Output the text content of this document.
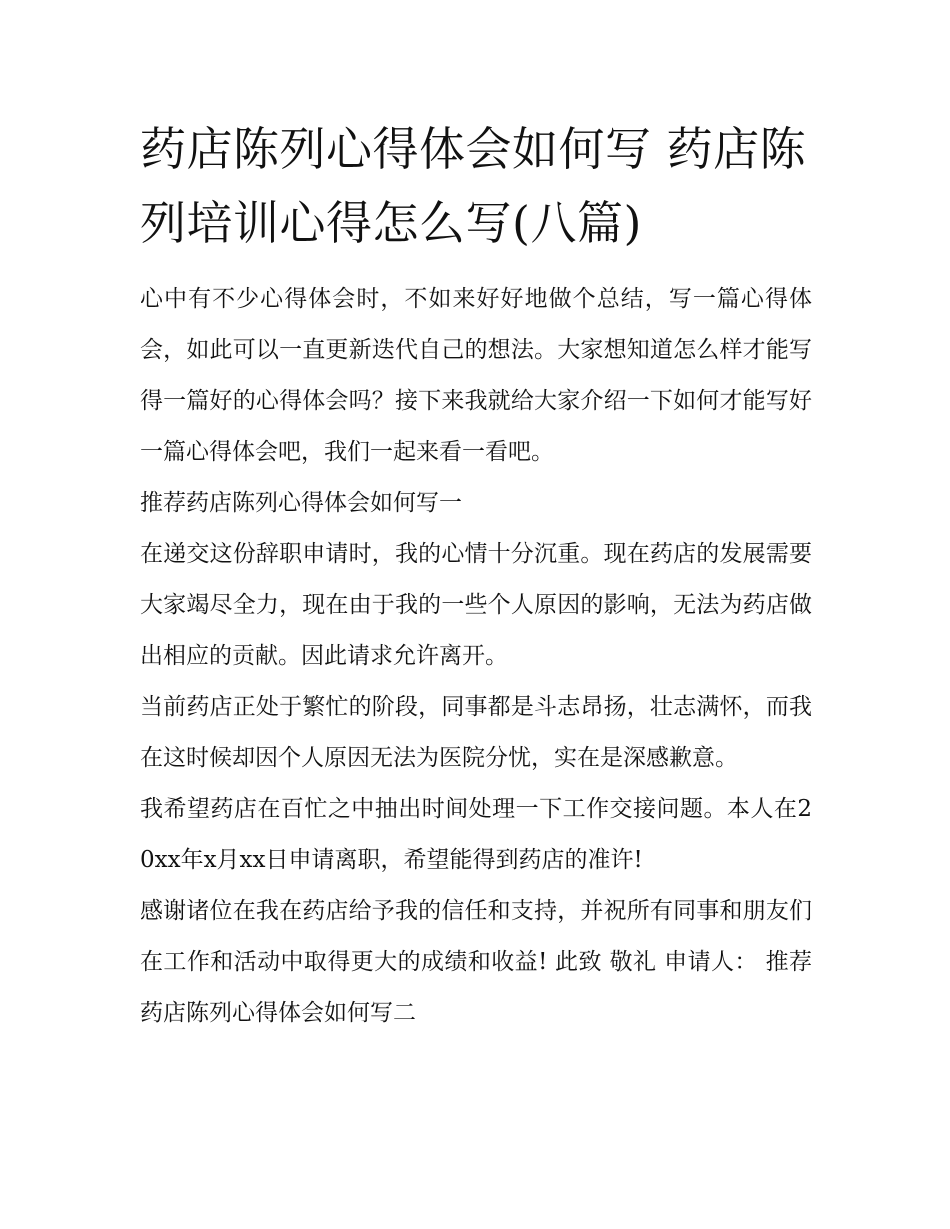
药店陈列心得体会如何写 药店陈列培训心得怎么写(八篇)

心中有不少心得体会时，不如来好好地做个总结，写一篇心得体会，如此可以一直更新迭代自己的想法。大家想知道怎么样才能写得一篇好的心得体会吗？接下来我就给大家介绍一下如何才能写好一篇心得体会吧，我们一起来看一看吧。

推荐药店陈列心得体会如何写一

在递交这份辞职申请时，我的心情十分沉重。现在药店的发展需要大家竭尽全力，现在由于我的一些个人原因的影响，无法为药店做出相应的贡献。因此请求允许离开。

当前药店正处于繁忙的阶段，同事都是斗志昂扬，壮志满怀，而我在这时候却因个人原因无法为医院分忧，实在是深感歉意。

我希望药店在百忙之中抽出时间处理一下工作交接问题。本人在20xx年x月xx日申请离职，希望能得到药店的准许!

感谢诸位在我在药店给予我的信任和支持，并祝所有同事和朋友们在工作和活动中取得更大的成绩和收益! 此致 敬礼 申请人： 推荐药店陈列心得体会如何写二
